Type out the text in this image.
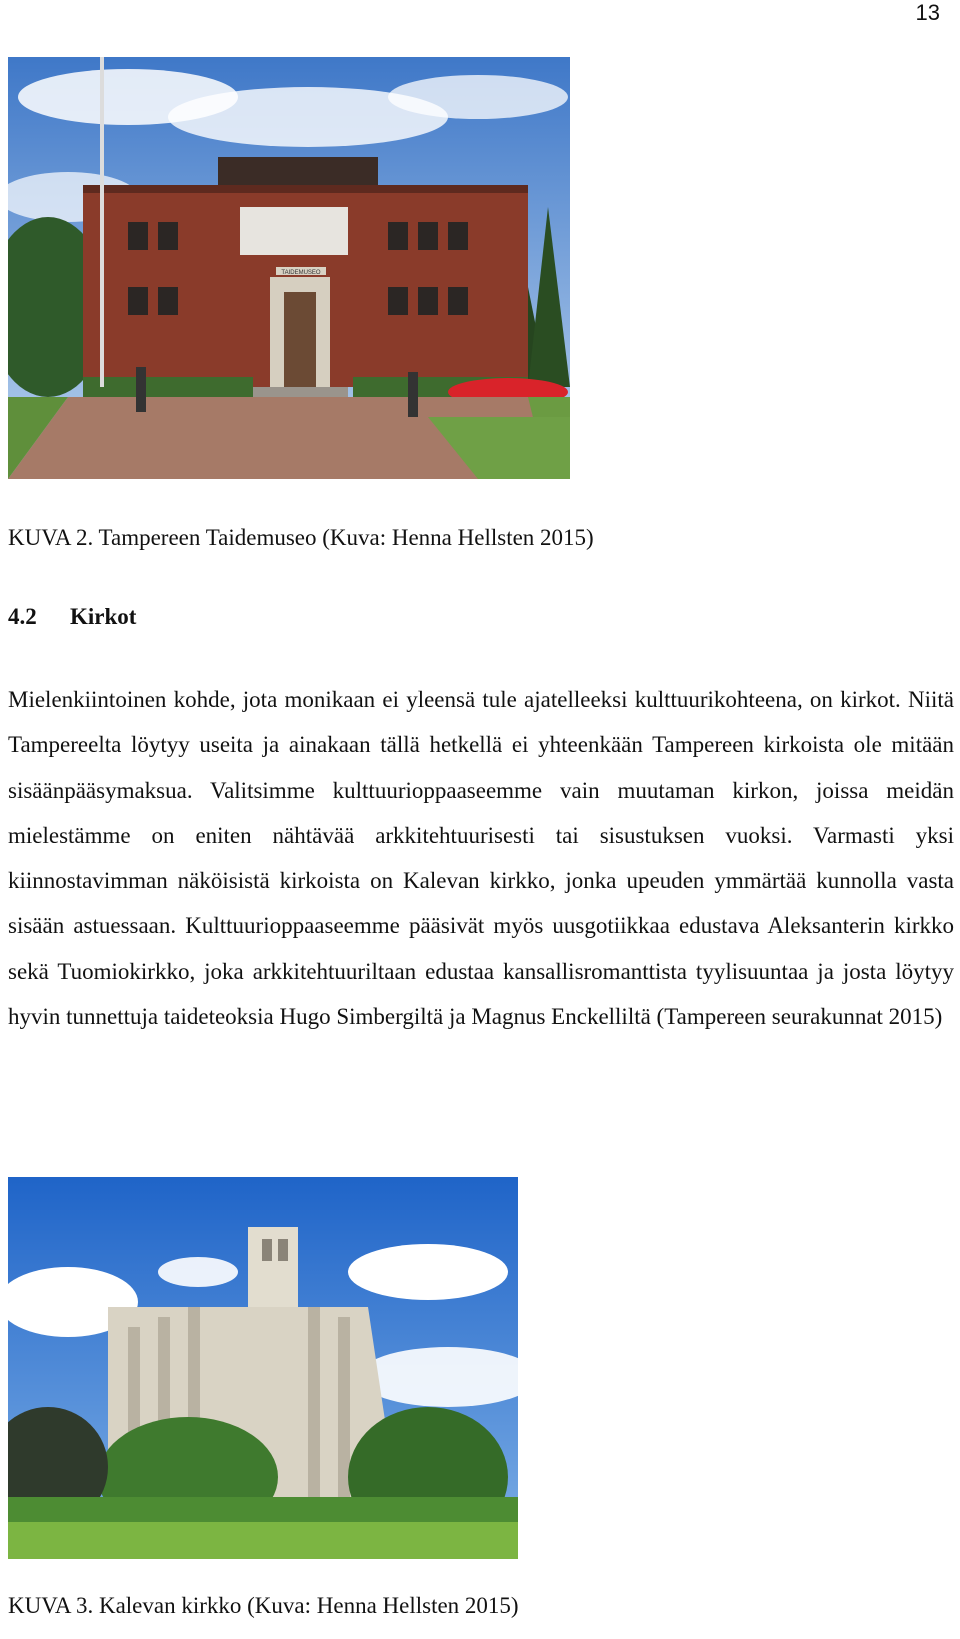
13
TAIDEMUSEO

KUVA 2. Tampereen Taidemuseo (Kuva: Henna Hellsten 2015)

4.2 Kirkot

Mielenkiintoinen kohde, jota monikaan ei yleensä tule ajatelleeksi kulttuurikohteena, on kirkot. Niitä Tampereelta löytyy useita ja ainakaan tällä hetkellä ei yhteenkään Tampereen kirkoista ole mitään sisäänpääsymaksua. Valitsimme kulttuurioppaaseemme vain muutaman kirkon, joissa meidän mielestämme on eniten nähtävää arkkitehtuurisesti tai sisustuksen vuoksi. Varmasti yksi kiinnostavimman näköisistä kirkoista on Kalevan kirkko, jonka upeuden ymmärtää kunnolla vasta sisään astuessaan. Kulttuurioppaaseemme pääsivät myös uusgotiikkaa edustava Aleksanterin kirkko sekä Tuomiokirkko, joka arkkitehtuuriltaan edustaa kansallisromanttista tyylisuuntaa ja josta löytyy hyvin tunnettuja taideteoksia Hugo Simbergiltä ja Magnus Enckelliltä (Tampereen seurakunnat 2015)

KUVA 3. Kalevan kirkko (Kuva: Henna Hellsten 2015)
